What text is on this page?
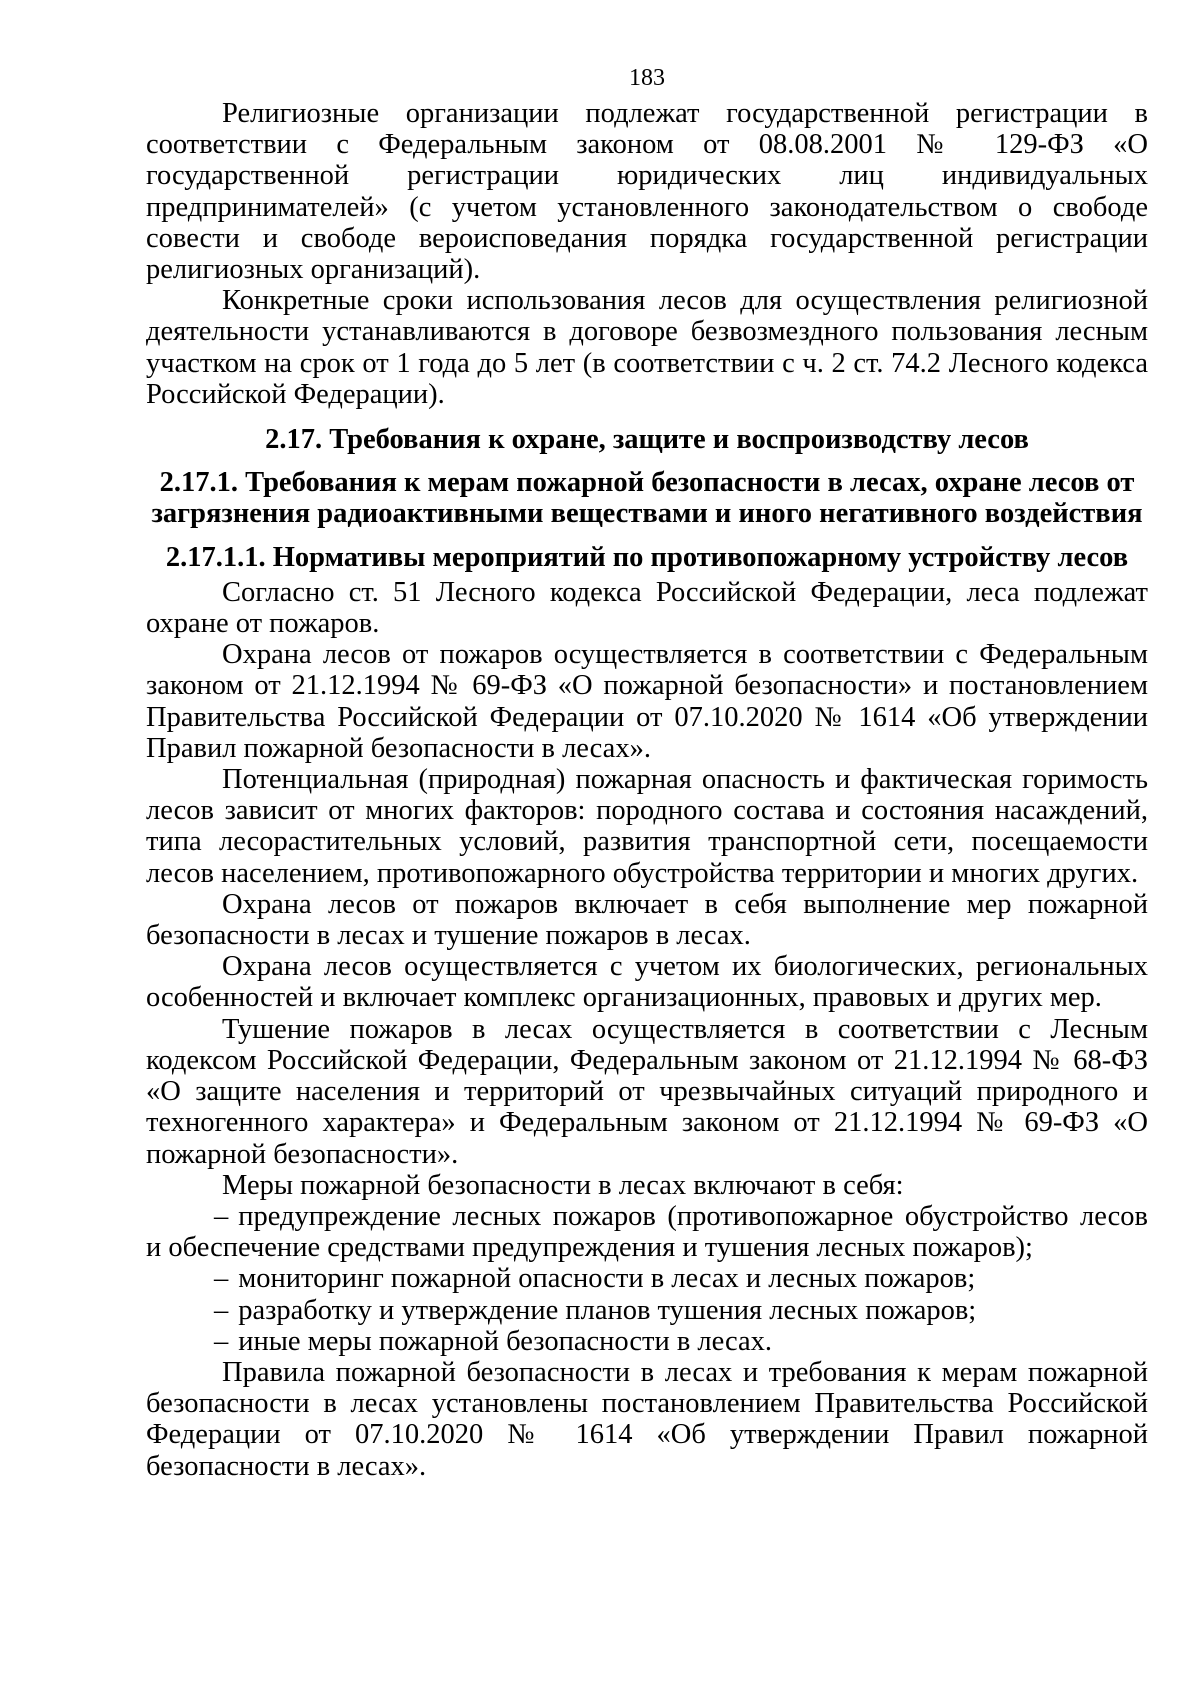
183

Религиозные организации подлежат государственной регистрации в соответствии с Федеральным законом от 08.08.2001 № 129-ФЗ «О государственной регистрации юридических лиц индивидуальных предпринимателей» (с учетом установленного законодательством о свободе совести и свободе вероисповедания порядка государственной регистрации религиозных организаций).

Конкретные сроки использования лесов для осуществления религиозной деятельности устанавливаются в договоре безвозмездного пользования лесным участком на срок от 1 года до 5 лет (в соответствии с ч. 2 ст. 74.2 Лесного кодекса Российской Федерации).

2.17. Требования к охране, защите и воспроизводству лесов

2.17.1. Требования к мерам пожарной безопасности в лесах, охране лесов от загрязнения радиоактивными веществами и иного негативного воздействия

2.17.1.1. Нормативы мероприятий по противопожарному устройству лесов

Согласно ст. 51 Лесного кодекса Российской Федерации, леса подлежат охране от пожаров.

Охрана лесов от пожаров осуществляется в соответствии с Федеральным законом от 21.12.1994 № 69-ФЗ «О пожарной безопасности» и постановлением Правительства Российской Федерации от 07.10.2020 № 1614 «Об утверждении Правил пожарной безопасности в лесах».

Потенциальная (природная) пожарная опасность и фактическая горимость лесов зависит от многих факторов: породного состава и состояния насаждений, типа лесорастительных условий, развития транспортной сети, посещаемости лесов населением, противопожарного обустройства территории и многих других.

Охрана лесов от пожаров включает в себя выполнение мер пожарной безопасности в лесах и тушение пожаров в лесах.

Охрана лесов осуществляется с учетом их биологических, региональных особенностей и включает комплекс организационных, правовых и других мер.

Тушение пожаров в лесах осуществляется в соответствии с Лесным кодексом Российской Федерации, Федеральным законом от 21.12.1994 № 68-ФЗ «О защите населения и территорий от чрезвычайных ситуаций природного и техногенного характера» и Федеральным законом от 21.12.1994 № 69-ФЗ «О пожарной безопасности».

Меры пожарной безопасности в лесах включают в себя:

– предупреждение лесных пожаров (противопожарное обустройство лесов и обеспечение средствами предупреждения и тушения лесных пожаров);

– мониторинг пожарной опасности в лесах и лесных пожаров;

– разработку и утверждение планов тушения лесных пожаров;

– иные меры пожарной безопасности в лесах.

Правила пожарной безопасности в лесах и требования к мерам пожарной безопасности в лесах установлены постановлением Правительства Российской Федерации от 07.10.2020 № 1614 «Об утверждении Правил пожарной безопасности в лесах».
